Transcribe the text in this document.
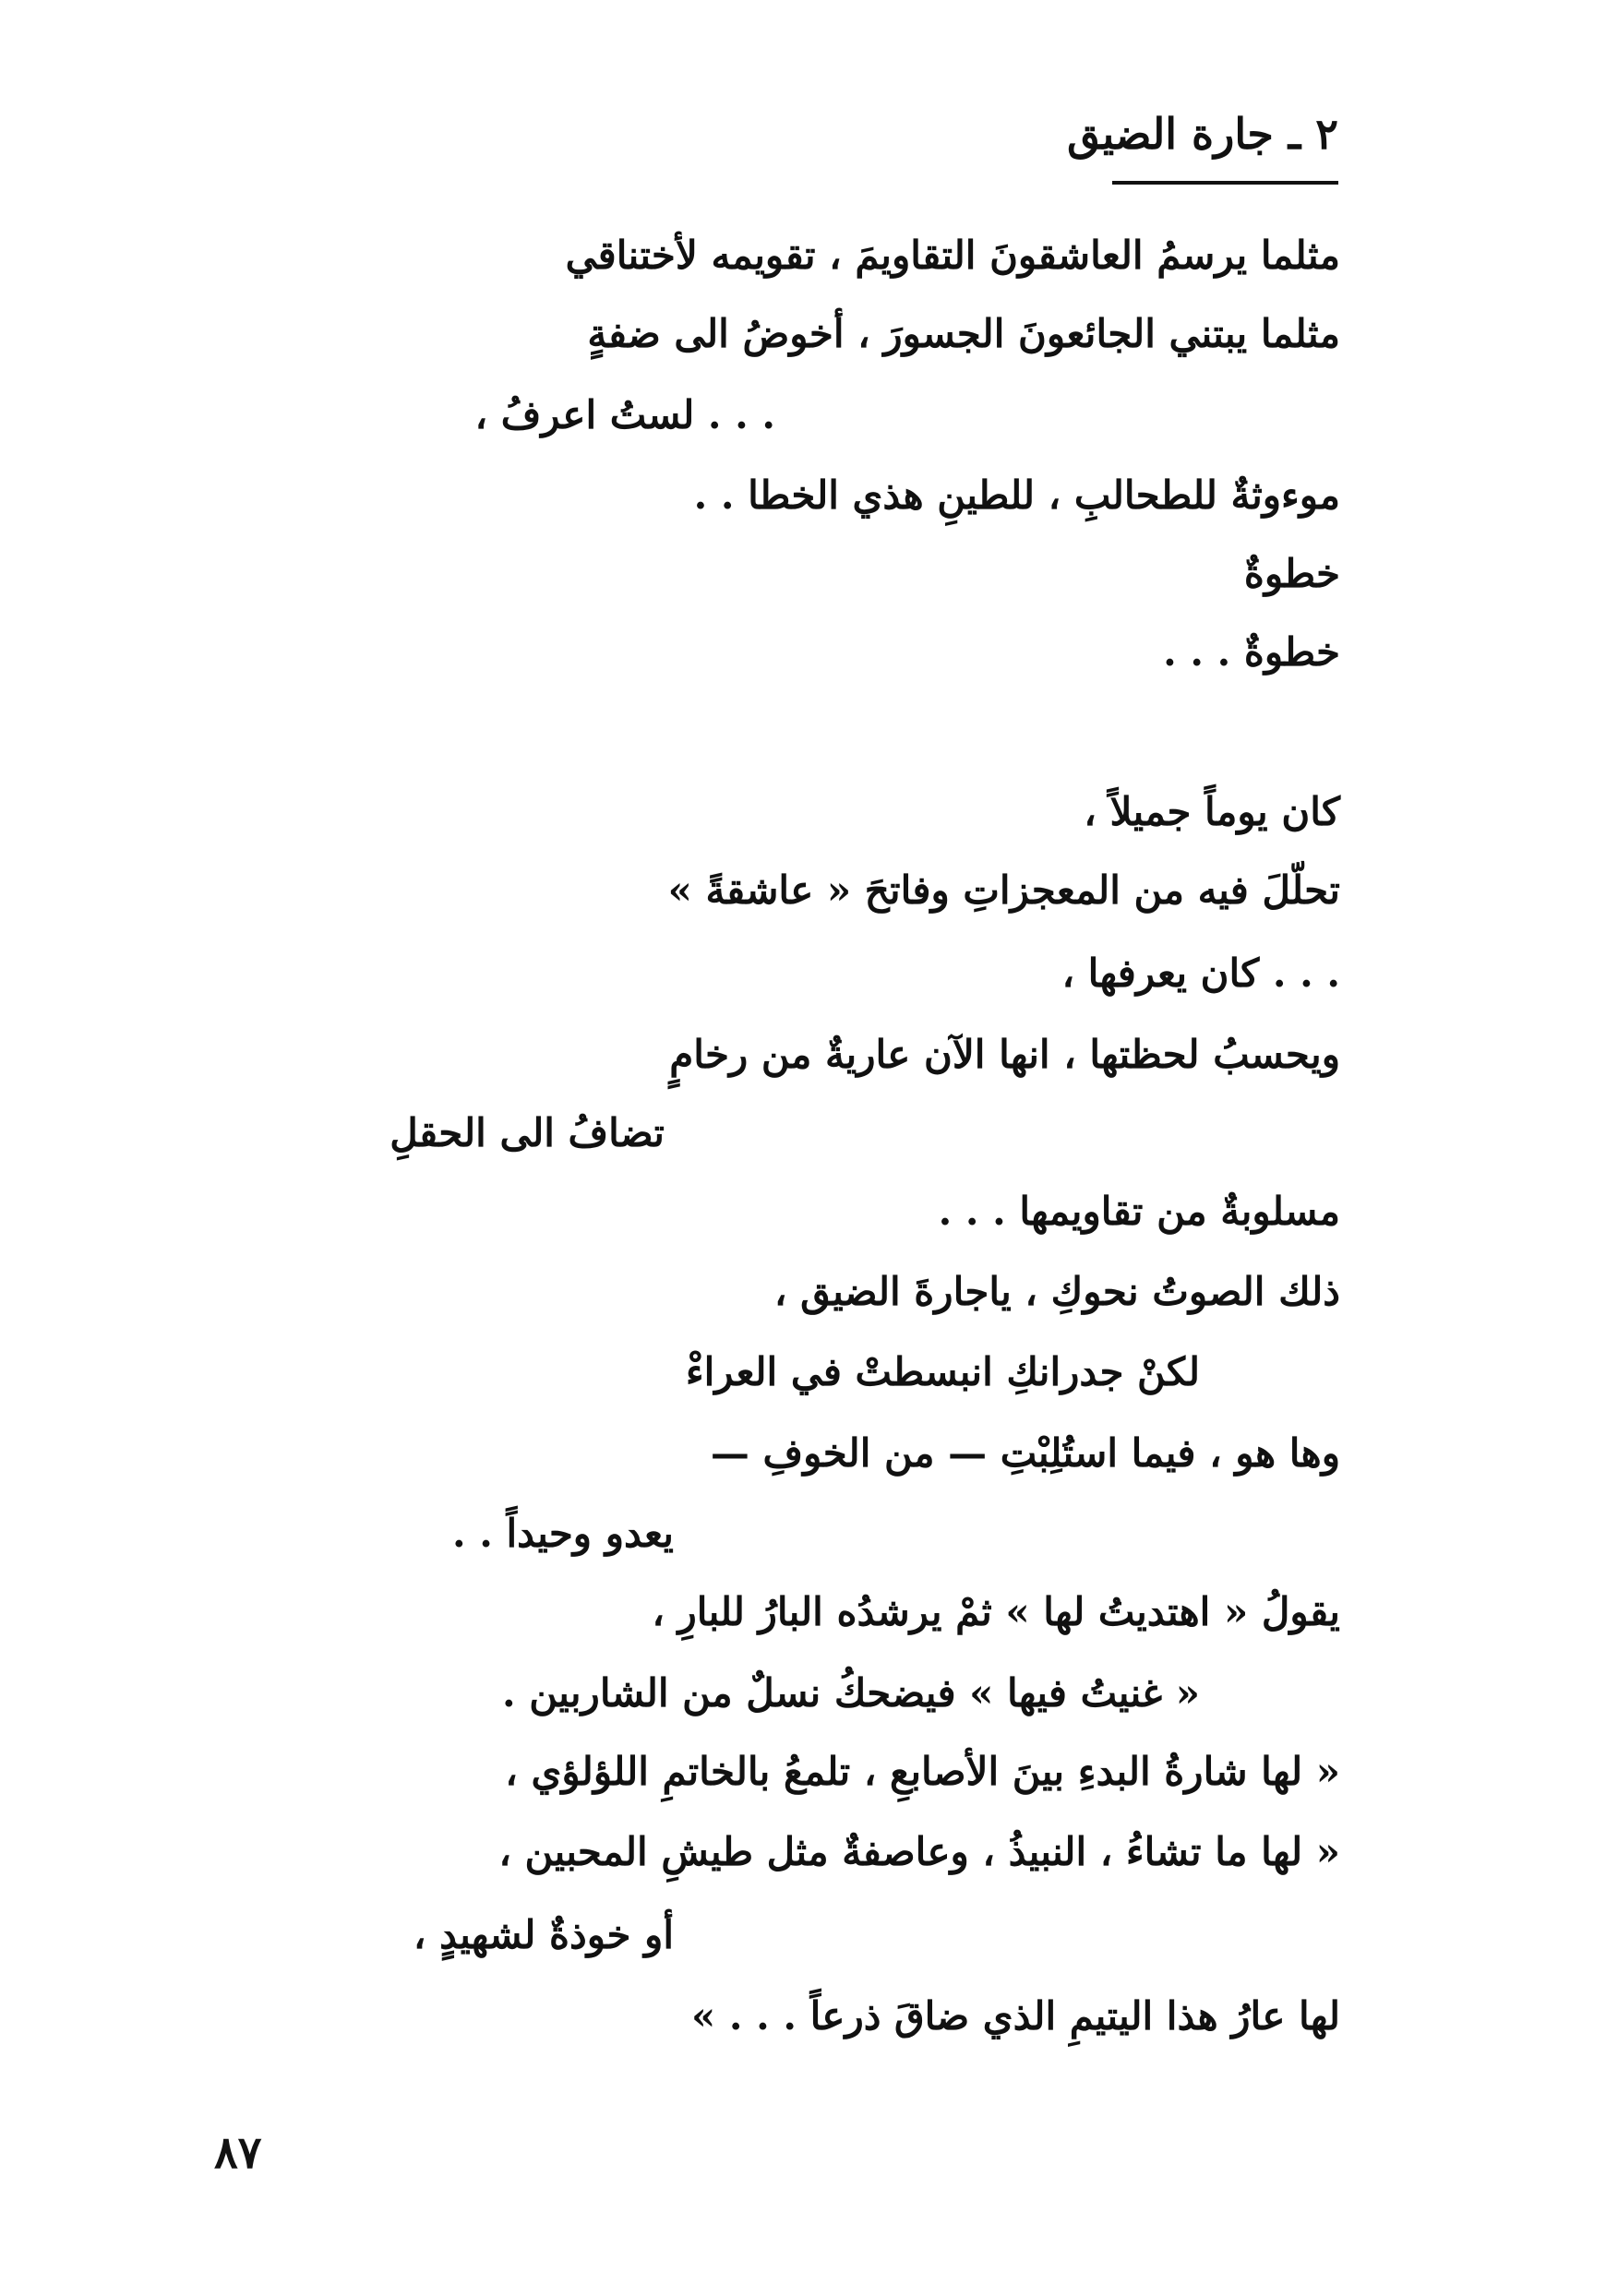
٢ ـ جارة الضيق
مثلما يرسمُ العاشقونَ التقاويمَ ، تقويمه لأختناقي
مثلما يبتني الجائعونَ الجسورَ ، أخوضُ الى ضفةٍ
. . . لستُ اعرفُ ،
موءوثةٌ للطحالبِ ، للطينِ هذي الخطا . .
خطوةٌ
خطوةٌ . . .
كان يوماً جميلاً ،
تحلّلَ فيه من المعجزاتِ وفاتحَ « عاشقةً »
. . . كان يعرفها ،
ويحسبُ لحظتها ، انها الآن عاريةٌ من رخامٍ
تضافُ الى الحقلِ
مسلوبةٌ من تقاويمها . . .
ذلك الصوتُ نحوكِ ، ياجارةَ الضيق ،
لكنْ جدرانكِ انبسطتْ في العراءْ
وها هو ، فيما استُلِبْتِ — من الخوفِ —
يعدو وحيداً . .
يقولُ « اهتديتُ لها » ثمْ يرشدُه البارُ للبارِ ،
« غنيتُ فيها » فيضحكُ نسلٌ من الشاربين .
« لها شارةُ البدءِ بينَ الأصابعِ ، تلمعُ بالخاتمِ اللؤلؤي ،
« لها ما تشاءُ ، النبيذُ ، وعاصفةٌ مثل طيشِ المحبين ،
أو خوذةٌ لشهيدٍ ،
لها عارُ هذا اليتيمِ الذي ضاقَ ذرعاً . . . »
٨٧
